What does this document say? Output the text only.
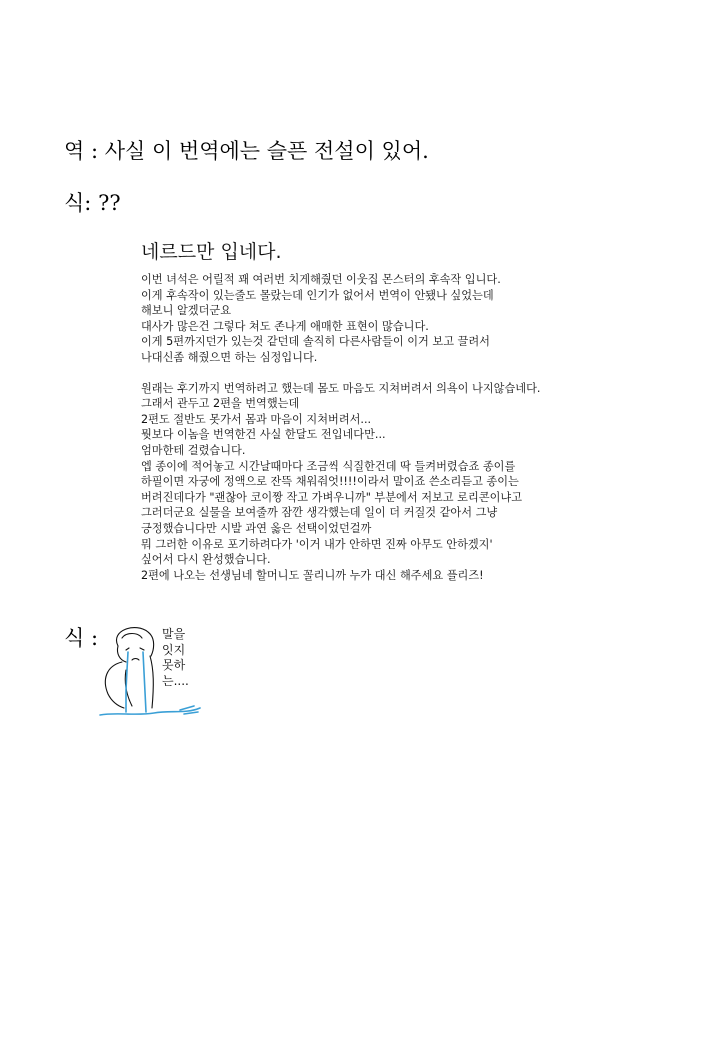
역 : 사실 이 번역에는 슬픈 전설이 있어.
식: ??
네르드만 입네다.
이번 녀석은 어릴적 꽤 여러번 치게해줬던 이웃집 몬스터의 후속작 입니다.
이게 후속작이 있는줄도 몰랐는데 인기가 없어서 번역이 안됐나 싶었는데
해보니 알겠더군요
대사가 많은건 그렇다 쳐도 존나게 애매한 표현이 많습니다.
이게 5편까지던가 있는것 같던데 솔직히 다른사람들이 이거 보고 끌려서
나대신좀 해줬으면 하는 심정입니다.
원래는 후기까지 번역하려고 했는데 몸도 마음도 지쳐버려서 의욕이 나지않습네다.
그래서 관두고 2편을 번역했는데
2편도 절반도 못가서 몸과 마음이 지쳐버려서...
뭣보다 이놈을 번역한건 사실 한달도 전입네다만...
엄마한테 걸렸습니다.
엡 종이에 적어놓고 시간날때마다 조금씩 식질한건데 딱 들켜버렸습죠 종이를
하필이면 자궁에 정액으로 잔뜩 채워줘엇!!!!이라서 말이죠 쓴소리듣고 종이는
버려진데다가 "괜찮아 코이짱 작고 가벼우니까" 부분에서 저보고 로리콘이냐고
그러더군요 실물을 보여줄까 잠깐 생각했는데 일이 더 커질것 같아서 그냥
긍정했습니다만 시발 과연 옳은 선택이었던걸까
뭐 그러한 이유로 포기하려다가 '이거 내가 안하면 진짜 아무도 안하겠지'
싶어서 다시 완성했습니다.
2편에 나오는 선생님네 할머니도 꼴리니까 누가 대신 해주세요 플리즈!
식 :	말을
잇지
못하
는....
